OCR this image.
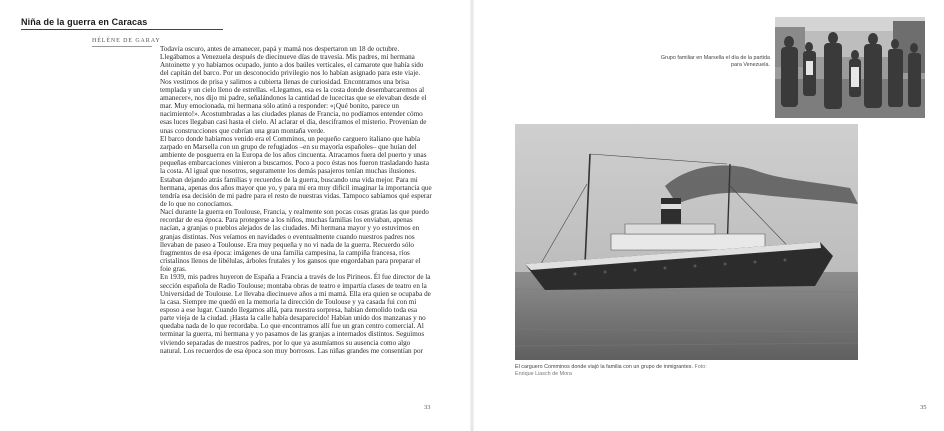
Niña de la guerra en Caracas
HÉLÈNE DE GARAY

Todavía oscuro, antes de amanecer, papá y mamá nos despertaron un 18 de octubre. Llegábamos a Venezuela después de diecinueve días de travesía. Mis padres, mi hermana Antoinette y yo habíamos ocupado, junto a dos baúles verticales, el camarote que había sido del capitán del barco. Por un desconocido privilegio nos lo habían asignado para este viaje. Nos vestimos de prisa y salimos a cubierta llenas de curiosidad. Encontramos una brisa templada y un cielo lleno de estrellas. «Llegamos, esa es la costa donde desembarcaremos al amanecer», nos dijo mi padre, señalándonos la cantidad de lucecitas que se elevaban desde el mar. Muy emocionada, mi hermana sólo atinó a responder: «¡Qué bonito, parece un nacimiento!». Acostumbradas a las ciudades planas de Francia, no podíamos entender cómo esas luces llegaban casi hasta el cielo. Al aclarar el día, desciframos el misterio. Provenían de unas construcciones que cubrían una gran montaña verde.

El barco donde habíamos venido era el Comminos, un pequeño carguero italiano que había zarpado en Marsella con un grupo de refugiados –en su mayoría españoles– que huían del ambiente de posguerra en la Europa de los años cincuenta. Atracamos fuera del puerto y unas pequeñas embarcaciones vinieron a buscarnos. Poco a poco éstas nos fueron trasladando hasta la costa. Al igual que nosotros, seguramente los demás pasajeros tenían muchas ilusiones. Estaban dejando atrás familias y recuerdos de la guerra, buscando una vida mejor. Para mi hermana, apenas dos años mayor que yo, y para mí era muy difícil imaginar la importancia que tendría esa decisión de mi padre para el resto de nuestras vidas. Tampoco sabíamos qué esperar de lo que no conocíamos.

Nací durante la guerra en Toulouse, Francia, y realmente son pocas cosas gratas las que puedo recordar de esa época. Para protegerse a los niños, muchas familias los enviaban, apenas nacían, a granjas o pueblos alejados de las ciudades. Mi hermana mayor y yo estuvimos en granjas distintas. Nos veíamos en navidades o eventualmente cuando nuestros padres nos llevaban de paseo a Toulouse. Era muy pequeña y no vi nada de la guerra. Recuerdo sólo fragmentos de esa época: imágenes de una familia campesina, la campiña francesa, ríos cristalinos llenos de libélulas, árboles frutales y los gansos que engordaban para preparar el foie gras.

En 1939, mis padres huyeron de España a Francia a través de los Pirineos. Él fue director de la sección española de Radio Toulouse; montaba obras de teatro e impartía clases de teatro en la Universidad de Toulouse. Le llevaba diecinueve años a mi mamá. Ella era quien se ocupaba de la casa. Siempre me quedó en la memoria la dirección de Toulouse y ya casada fui con mi esposo a ese lugar. Cuando llegamos allá, para nuestra sorpresa, habían demolido toda esa parte vieja de la ciudad. ¡Hasta la calle había desaparecido! Habían unido dos manzanas y no quedaba nada de lo que recordaba. Lo que encontramos allí fue un gran centro comercial. Al terminar la guerra, mi hermana y yo pasamos de las granjas a internados distintos. Seguimos viviendo separadas de nuestros padres, por lo que ya asumíamos su ausencia como algo natural. Los recuerdos de esa época son muy borrosos. Las niñas grandes me consentían por

33
Grupo familiar en Marsella el día de la partida para Venezuela.
El carguero Comminos donde viajó la familia con un grupo de inmigrantes. Foto: Enrique Liasch de Mora
35
